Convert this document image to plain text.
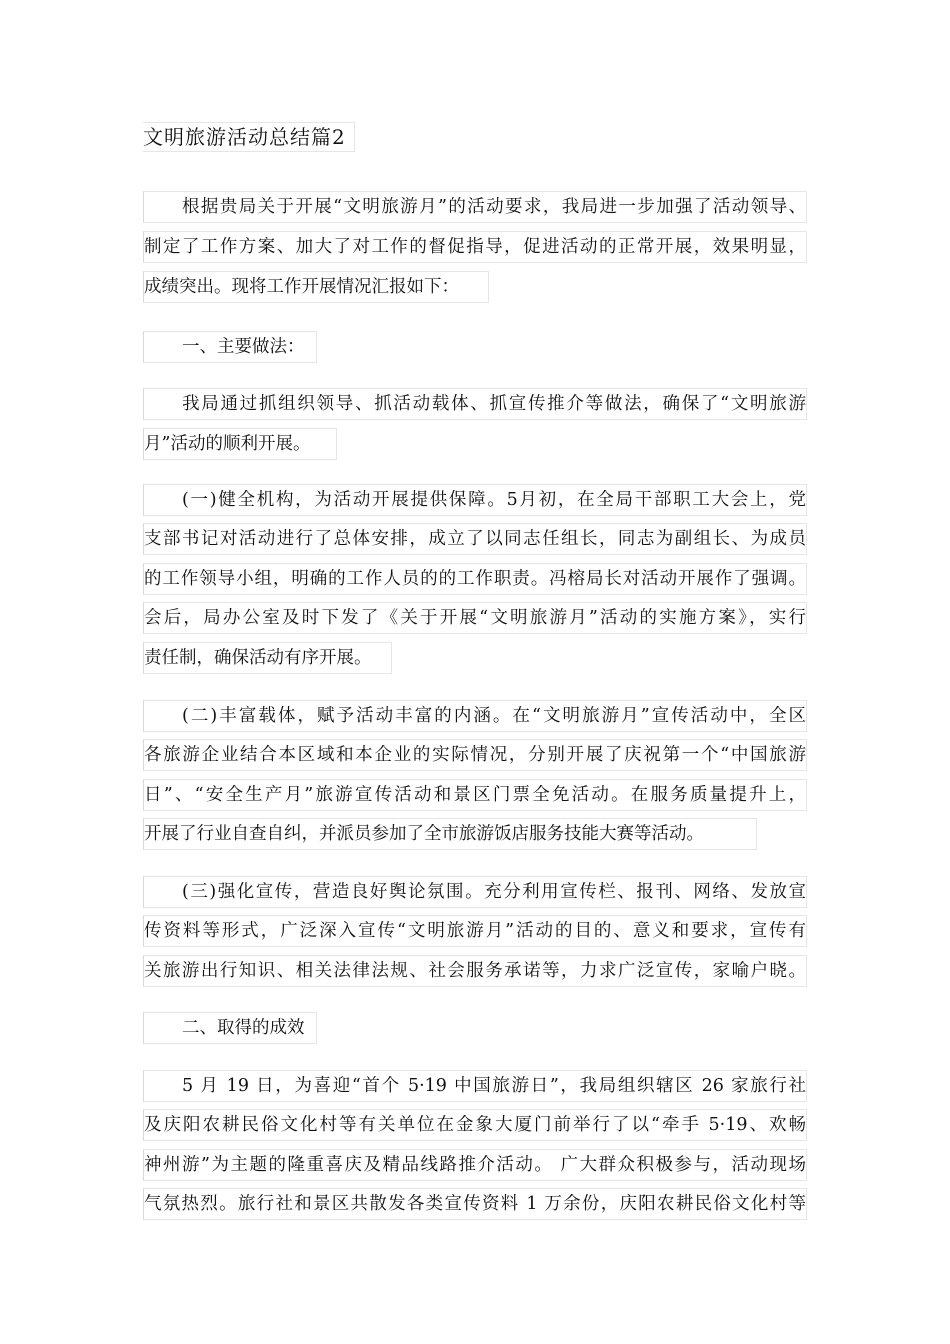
文明旅游活动总结篇2
根据贵局关于开展“文明旅游月”的活动要求，我局进一步加强了活动领导、
制定了工作方案、加大了对工作的督促指导，促进活动的正常开展，效果明显，
成绩突出。现将工作开展情况汇报如下：
一、主要做法：
我局通过抓组织领导、抓活动载体、抓宣传推介等做法，确保了“文明旅游
月”活动的顺利开展。
(一)健全机构，为活动开展提供保障。5月初，在全局干部职工大会上，党
支部书记对活动进行了总体安排，成立了以同志任组长，同志为副组长、为成员
的工作领导小组，明确的工作人员的的工作职责。冯榕局长对活动开展作了强调。
会后，局办公室及时下发了《关于开展“文明旅游月”活动的实施方案》，实行
责任制，确保活动有序开展。
(二)丰富载体，赋予活动丰富的内涵。在“文明旅游月”宣传活动中，全区
各旅游企业结合本区域和本企业的实际情况，分别开展了庆祝第一个“中国旅游
日”、“安全生产月”旅游宣传活动和景区门票全免活动。在服务质量提升上，
开展了行业自查自纠，并派员参加了全市旅游饭店服务技能大赛等活动。
(三)强化宣传，营造良好舆论氛围。充分利用宣传栏、报刊、网络、发放宣
传资料等形式，广泛深入宣传“文明旅游月”活动的目的、意义和要求，宣传有
关旅游出行知识、相关法律法规、社会服务承诺等，力求广泛宣传，家喻户晓。
二、取得的成效
5 月 19 日，为喜迎“首个 5·19 中国旅游日”，我局组织辖区 26 家旅行社
及庆阳农耕民俗文化村等有关单位在金象大厦门前举行了以“牵手 5·19、欢畅
神州游”为主题的隆重喜庆及精品线路推介活动。 广大群众积极参与，活动现场
气氛热烈。旅行社和景区共散发各类宣传资料 1 万余份，庆阳农耕民俗文化村等
